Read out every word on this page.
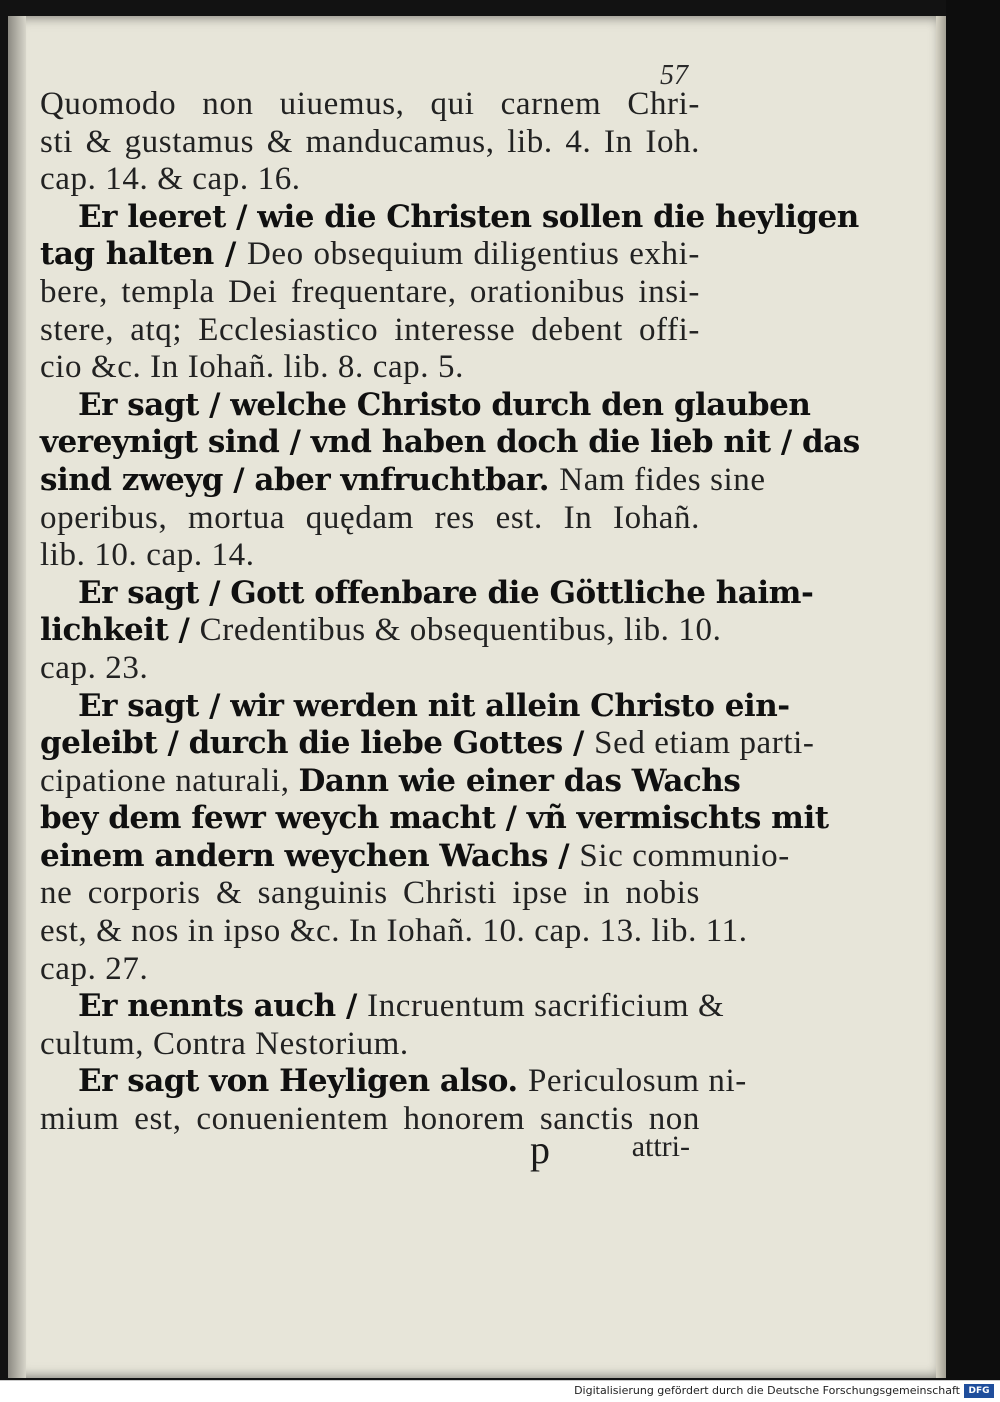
57
Quomodo non uiuemus, qui carnem Chri-
sti & gustamus & manducamus, lib. 4. In Ioh.
cap. 14. & cap. 16.
Er leeret / wie die Christen sollen die heyligen
tag halten / Deo obsequium diligentius exhi-
bere, templa Dei frequentare, orationibus insi-
stere, atq; Ecclesiastico interesse debent offi-
cio &c. In Iohañ. lib. 8. cap. 5.
Er sagt / welche Christo durch den glauben
vereynigt sind / vnd haben doch die lieb nit / das
sind zweyg / aber vnfruchtbar. Nam fides sine
operibus, mortua quędam res est. In Iohañ.
lib. 10. cap. 14.
Er sagt / Gott offenbare die Göttliche haim-
lichkeit / Credentibus & obsequentibus, lib. 10.
cap. 23.
Er sagt / wir werden nit allein Christo ein-
geleibt / durch die liebe Gottes / Sed etiam parti-
cipatione naturali, Dann wie einer das Wachs
bey dem fewr weych macht / vñ vermischts mit
einem andern weychen Wachs / Sic communio-
ne corporis & sanguinis Christi ipse in nobis
est, & nos in ipso &c. In Iohañ. 10. cap. 13. lib. 11.
cap. 27.
Er nennts auch / Incruentum sacrificium &
cultum, Contra Nestorium.
Er sagt von Heyligen also. Periculosum ni-
mium est, conuenientem honorem sanctis non
p	attri-
Digitalisierung gefördert durch die Deutsche Forschungsgemeinschaft DFG
